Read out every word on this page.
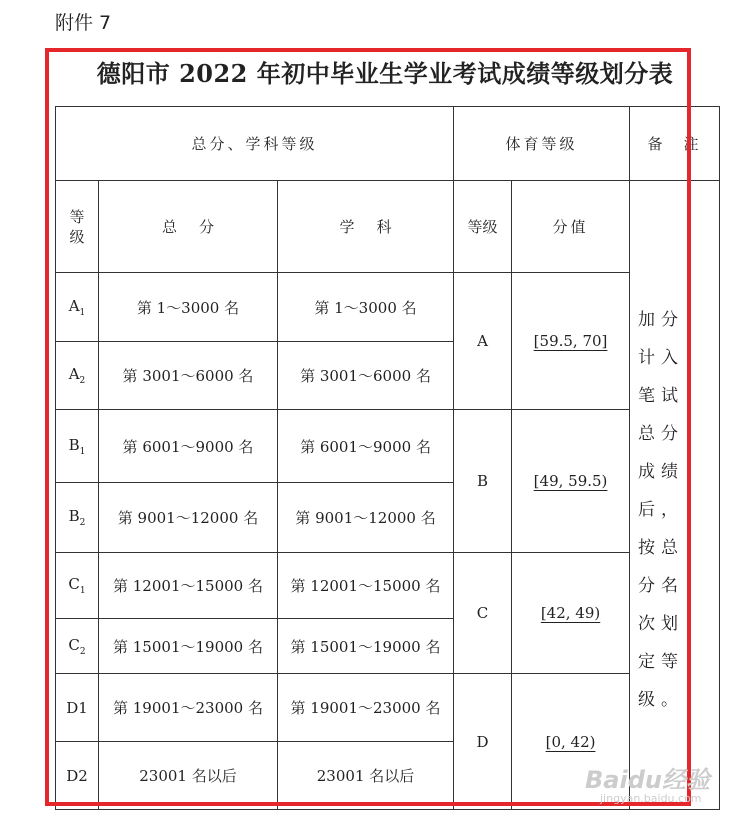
附件 7
德阳市 2022 年初中毕业生学业考试成绩等级划分表
总分、学科等级			体育等级		备　注
等级	总分	学科	等级	分值	加分计入笔试总分成绩后，按总分名次划定等级。

$A_1$	第 1～3000 名	第 1～3000 名	A	[59.5, 70]	
$A_2$	第 3001～6000 名	第 3001～6000 名			
$B_1$	第 6001～9000 名	第 6001～9000 名	B	[49, 59.5)	
$B_2$	第 9001～12000 名	第 9001～12000 名			
$C_1$	第 12001～15000 名	第 12001～15000 名	C	[42, 49)	
$C_2$	第 15001～19000 名	第 15001～19000 名			
D1	第 19001～23000 名	第 19001～23000 名	D	[0, 42)	
D2	23001 名以后	23001 名以后				Baidu经验
jingyan.baidu.com
